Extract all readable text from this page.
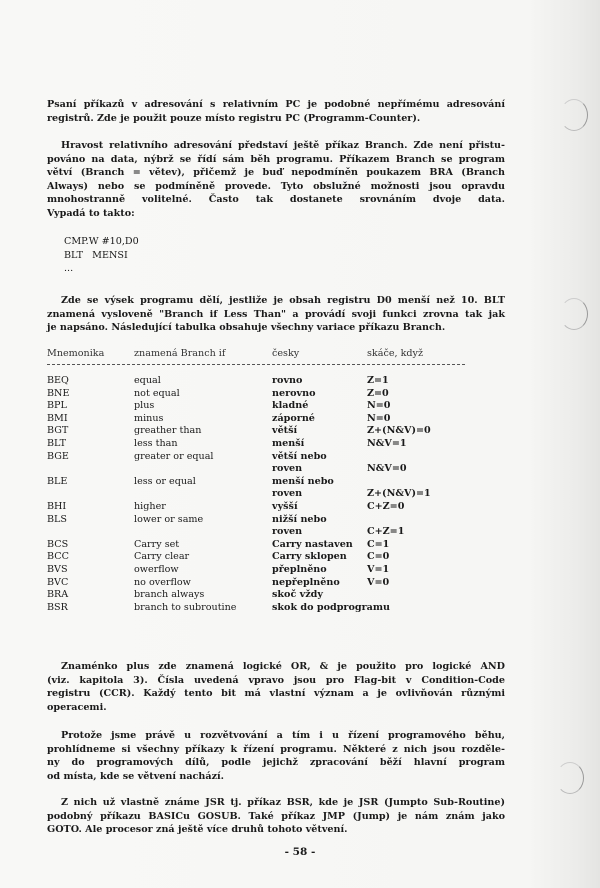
Psaní příkazů v adresování s relativním PC je podobné nepřímému adresování
registrů. Zde je použit pouze místo registru PC (Programm-Counter).
Hravost relativního adresování představí ještě příkaz Branch. Zde není přistu-
pováno na data, nýbrž se řídí sám běh programu. Příkazem Branch se program
větví (Branch = větev), přičemž je buď nepodmíněn poukazem BRA (Branch
Always) nebo se podmíněně provede. Tyto obslužné možnosti jsou opravdu
mnohostranně volitelné. Často tak dostanete srovnáním dvoje data.
Vypadá to takto:
CMP.W #10,D0
BLT   MENSI
...
Zde se výsek programu dělí, jestliže je obsah registru D0 menší než 10. BLT
znamená vysloveně "Branch if Less Than" a provádí svoji funkci zrovna tak jak
je napsáno. Následující tabulka obsahuje všechny variace příkazu Branch.
Mnemonika	znamená Branch if	česky	skáče, když
BEQ	equal	rovno	Z=1
BNE	not equal	nerovno	Z=0
BPL	plus	kladné	N=0
BMI	minus	záporné	N=0
BGT	greather than	větší	Z+(N&V)=0
BLT	less than	menší	N&V=1
BGE	greater or equal	větší nebo
roven	N&V=0
BLE	less or equal	menší nebo
roven	Z+(N&V)=1
BHI	higher	vyšší	C+Z=0
BLS	lower or same	nižší nebo
roven	C+Z=1
BCS	Carry set	Carry nastaven C=1
BCC	Carry clear	Carry sklopen C=0
BVS	owerflow	přeplněno	V=1
BVC	no overflow	nepřeplněno	V=0
BRA	branch always	skoč vždy
BSR	branch to subroutine	skok do podprogramu
Znaménko plus zde znamená logické OR, & je použito pro logické AND
(viz. kapitola 3). Čísla uvedená vpravo jsou pro Flag-bit v Condition-Code
registru (CCR). Každý tento bit má vlastní význam a je ovlivňován různými
operacemi.
Protože jsme právě u rozvětvování a tím i u řízení programového běhu,
prohlídneme si všechny příkazy k řízení programu. Některé z nich jsou rozděle-
ny do programových dílů, podle jejichž zpracování běží hlavní program
od místa, kde se větvení nachází.
Z nich už vlastně známe JSR tj. příkaz BSR, kde je JSR (Jumpto Sub-Routine)
podobný příkazu BASICu GOSUB. Také příkaz JMP (Jump) je nám znám jako
GOTO. Ale procesor zná ještě více druhů tohoto větvení.
- 58 -
